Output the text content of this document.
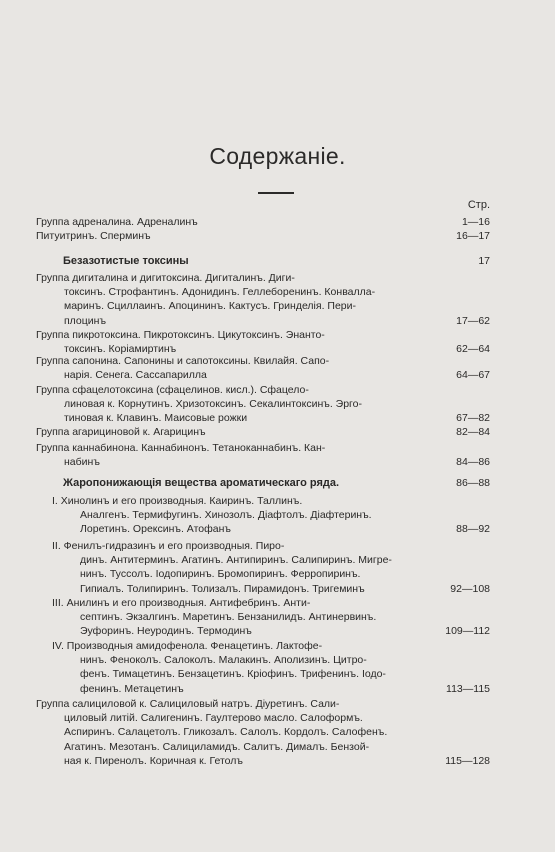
Содержанiе.
Стр.
Группа адреналина. Адреналинъ	1—16
Питуитринъ. Сперминъ	16—17
Безазотистые токсины	17
Группа дигиталина и дигитоксина. Дигиталинъ. Диги-
токсинъ. Строфантинъ. Адонидинъ. Геллеборенинъ. Конвалла-
маринъ. Сциллаинъ. Апоцининъ. Кактусъ. Гринделiя. Пери-
плоцинъ	17—62
Группа пикротоксина. Пикротоксинъ. Цикутоксинъ. Энанто-
токсинъ. Корiамиртинъ	62—64
Группа сапонина. Сапонины и сапотоксины. Квилайя. Сапо-
нарiя. Сенега. Сассапарилла	64—67
Группа сфацелотоксина (сфацелинов. кисл.). Сфацело-
линовая к. Корнутинъ. Хризотоксинъ. Секалинтоксинъ. Эрго-
тиновая к. Клавинъ. Маисовые рожки	67—82
Группа агарициновой к. Агарицинъ	82—84
Группа каннабинона. Каннабинонъ. Тетаноканнабинъ. Кан-
набинъ	84—86
Жаропонижающiя вещества ароматическаго ряда.	86—88
I. Хинолинъ и его производныя. Каиринъ. Таллинъ.
Аналгенъ. Термифугинъ. Хинозолъ. Дiафтолъ. Дiафтеринъ.
Лоретинъ. Орексинъ. Атофанъ	88—92
II. Фенилъ-гидразинъ и его производныя. Пиро-
динъ. Антитерминъ. Агатинъ. Антипиринъ. Салипиринъ. Мигре-
нинъ. Туссолъ. Iодопиринъ. Бромопиринъ. Ферропиринъ.
Гипиалъ. Толипиринъ. Толизалъ. Пирамидонъ. Тригеминъ	92—108
III. Анилинъ и его производныя. Антифебринъ. Анти-
септинъ. Экзалгинъ. Маретинъ. Бензанилидъ. Антинервинъ.
Эуфоринъ. Неуродинъ. Термодинъ	109—112
IV. Производныя амидофенола. Фенацетинъ. Лактофе-
нинъ. Феноколъ. Салоколъ. Малакинъ. Аполизинъ. Цитро-
фенъ. Тимацетинъ. Бензацетинъ. Крiофинъ. Трифенинъ. Iодо-
фенинъ. Метацетинъ	113—115
Группа салициловой к. Салициловый натръ. Дiуретинъ. Сали-
циловый литiй. Салигенинъ. Гаултерово масло. Салоформъ.
Аспиринъ. Салацетолъ. Гликозалъ. Салолъ. Кордолъ. Салофенъ.
Агатинъ. Мезотанъ. Салициламидъ. Салитъ. Дималъ. Бензой-
ная к. Пиренолъ. Коричная к. Гетолъ	115—128
